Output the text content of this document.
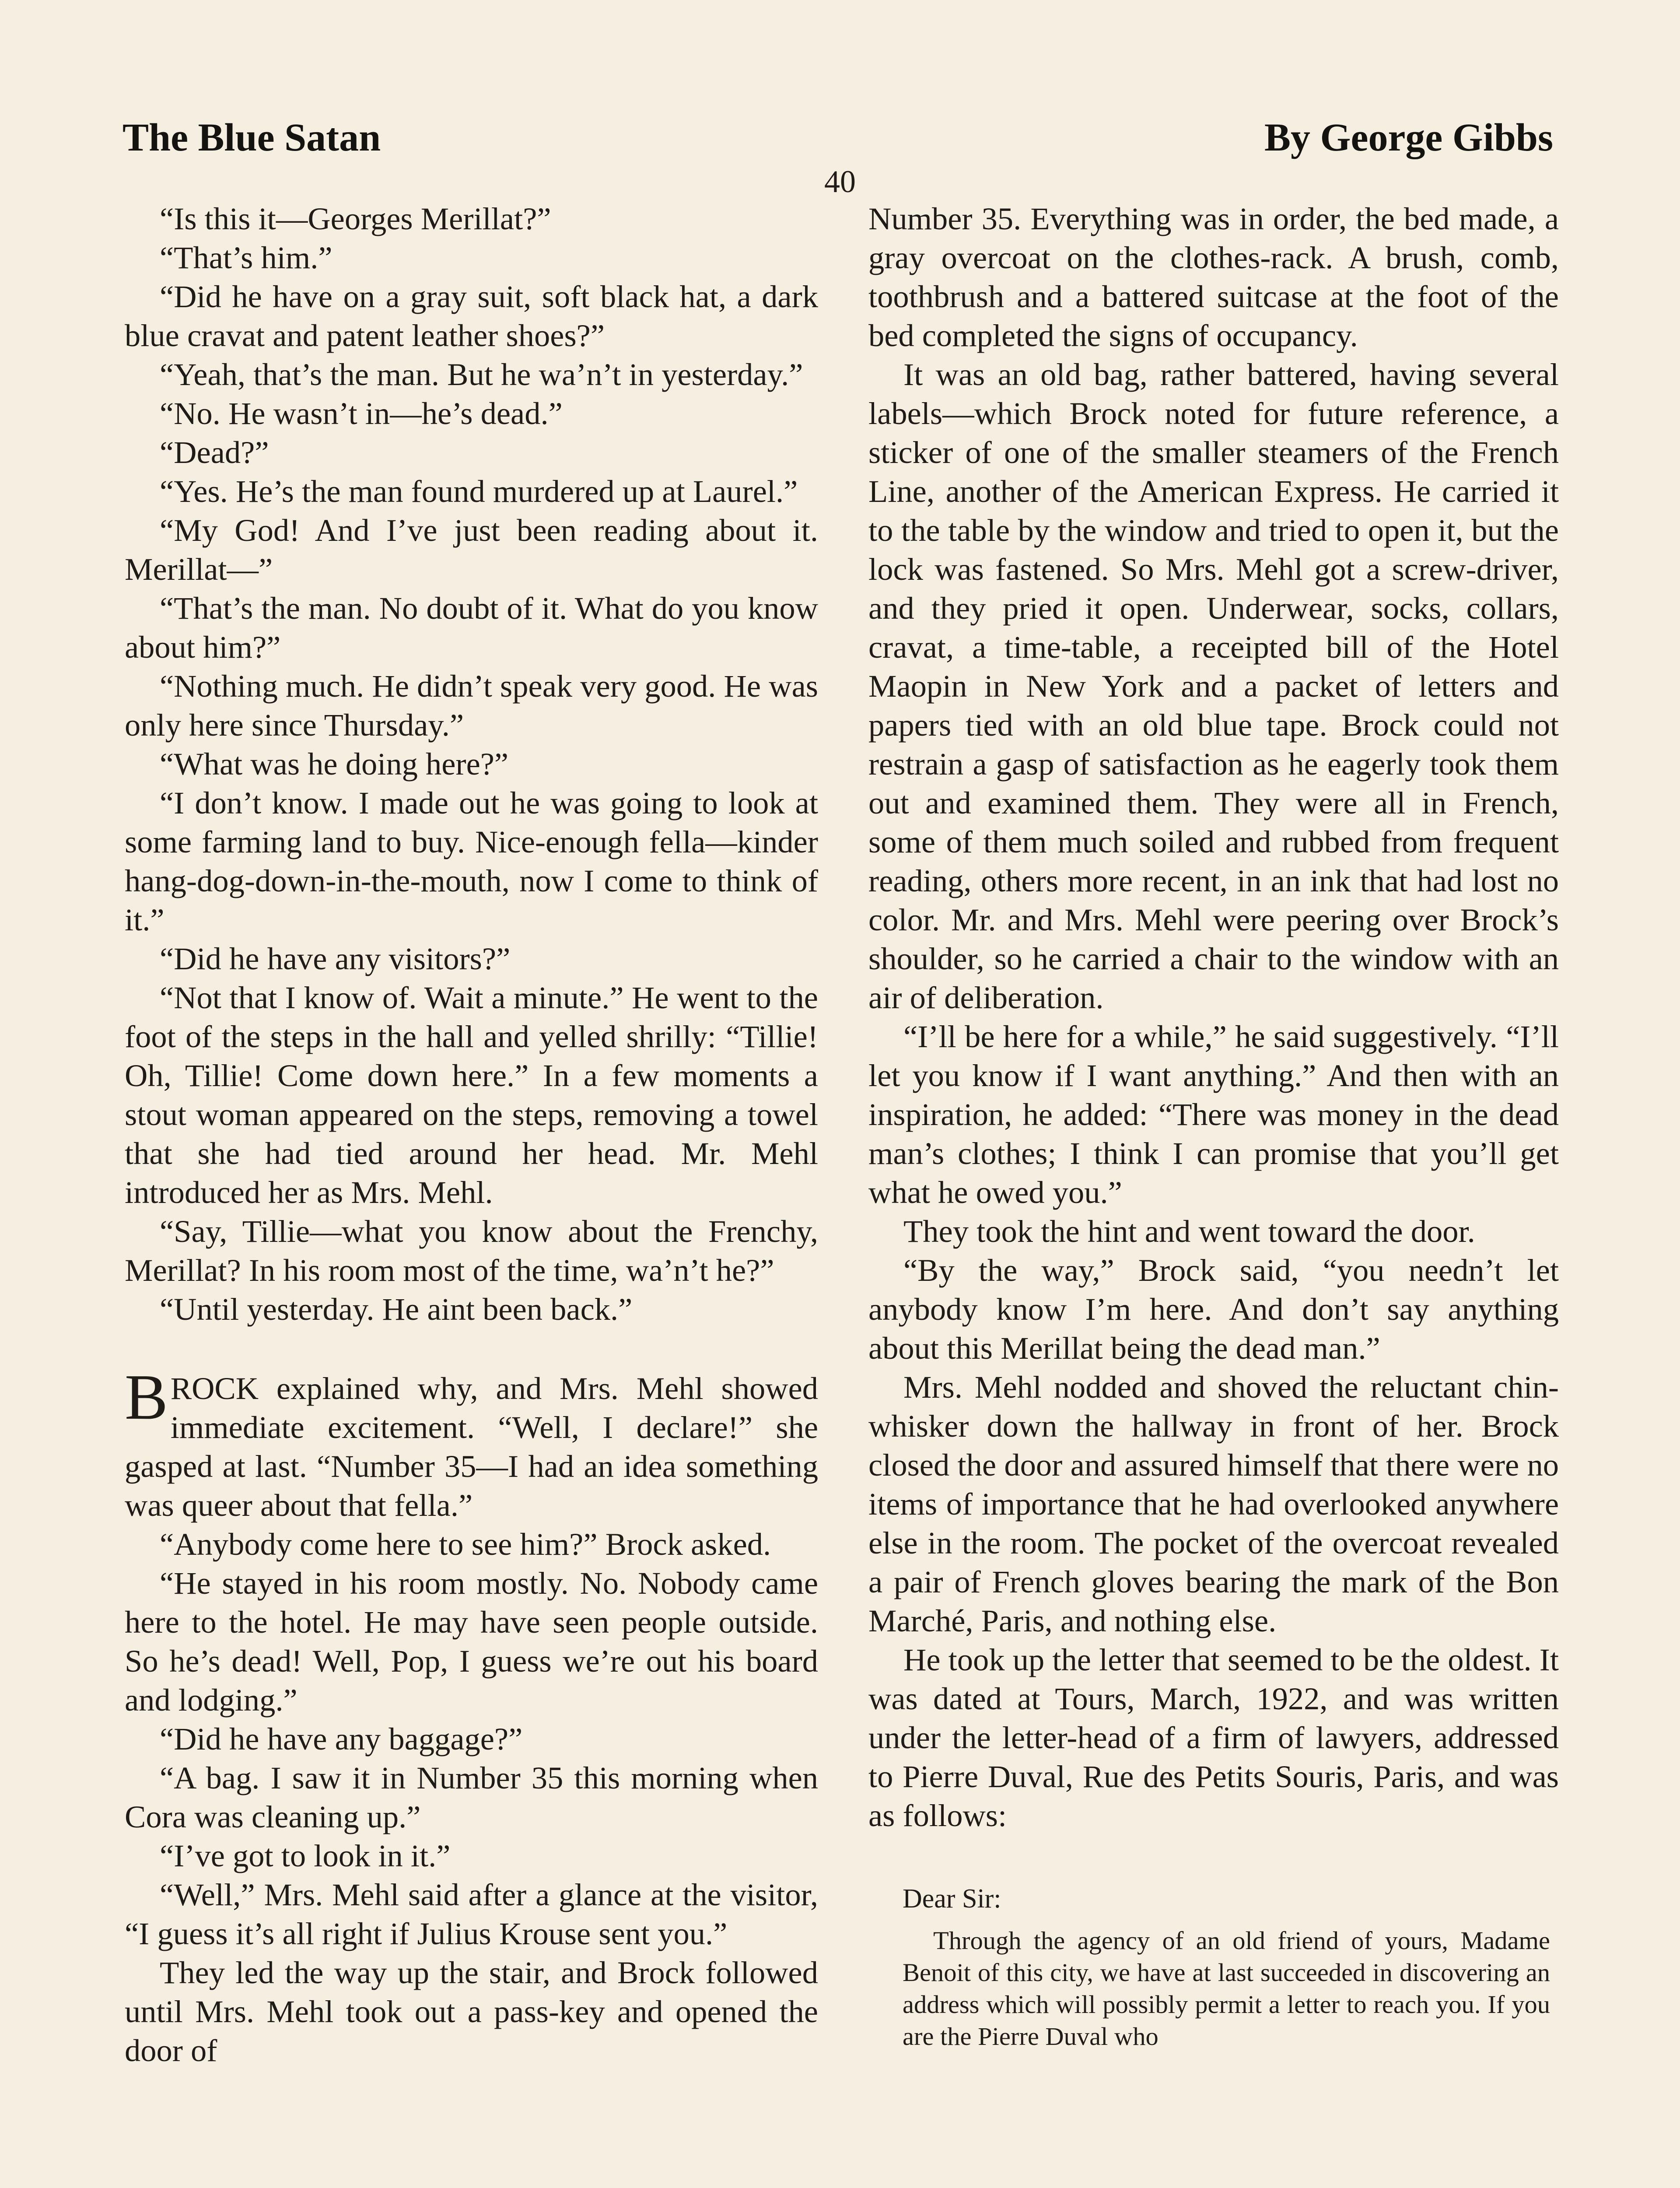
The Blue Satan	By George Gibbs
40

“Is this it—Georges Merillat?”

“That’s him.”

“Did he have on a gray suit, soft black hat, a dark blue cravat and patent leather shoes?”

“Yeah, that’s the man. But he wa’n’t in yesterday.”

“No. He wasn’t in—he’s dead.”

“Dead?”

“Yes. He’s the man found murdered up at Laurel.”

“My God! And I’ve just been reading about it. Merillat—”

“That’s the man. No doubt of it. What do you know about him?”

“Nothing much. He didn’t speak very good. He was only here since Thursday.”

“What was he doing here?”

“I don’t know. I made out he was going to look at some farming land to buy. Nice-enough fella—kinder hang-dog-down-in-the-mouth, now I come to think of it.”

“Did he have any visitors?”

“Not that I know of. Wait a minute.” He went to the foot of the steps in the hall and yelled shrilly: “Tillie! Oh, Tillie! Come down here.” In a few moments a stout woman appeared on the steps, removing a towel that she had tied around her head. Mr. Mehl introduced her as Mrs. Mehl.

“Say, Tillie—what you know about the Frenchy, Merillat? In his room most of the time, wa’n’t he?”

“Until yesterday. He aint been back.”

BROCK explained why, and Mrs. Mehl showed immediate excitement. “Well, I declare!” she gasped at last. “Number 35—I had an idea something was queer about that fella.”

“Anybody come here to see him?” Brock asked.

“He stayed in his room mostly. No. Nobody came here to the hotel. He may have seen people outside. So he’s dead! Well, Pop, I guess we’re out his board and lodging.”

“Did he have any baggage?”

“A bag. I saw it in Number 35 this morning when Cora was cleaning up.”

“I’ve got to look in it.”

“Well,” Mrs. Mehl said after a glance at the visitor, “I guess it’s all right if Julius Krouse sent you.”

They led the way up the stair, and Brock followed until Mrs. Mehl took out a pass-key and opened the door of

Number 35. Everything was in order, the bed made, a gray overcoat on the clothes-rack. A brush, comb, toothbrush and a battered suitcase at the foot of the bed completed the signs of occupancy.

It was an old bag, rather battered, having several labels—which Brock noted for future reference, a sticker of one of the smaller steamers of the French Line, another of the American Express. He carried it to the table by the window and tried to open it, but the lock was fastened. So Mrs. Mehl got a screw-driver, and they pried it open. Underwear, socks, collars, cravat, a time-table, a receipted bill of the Hotel Maopin in New York and a packet of letters and papers tied with an old blue tape. Brock could not restrain a gasp of satisfaction as he eagerly took them out and examined them. They were all in French, some of them much soiled and rubbed from frequent reading, others more recent, in an ink that had lost no color. Mr. and Mrs. Mehl were peering over Brock’s shoulder, so he carried a chair to the window with an air of deliberation.

“I’ll be here for a while,” he said suggestively. “I’ll let you know if I want anything.” And then with an inspiration, he added: “There was money in the dead man’s clothes; I think I can promise that you’ll get what he owed you.”

They took the hint and went toward the door.

“By the way,” Brock said, “you needn’t let anybody know I’m here. And don’t say anything about this Merillat being the dead man.”

Mrs. Mehl nodded and shoved the reluctant chin-whisker down the hallway in front of her. Brock closed the door and assured himself that there were no items of importance that he had overlooked anywhere else in the room. The pocket of the overcoat revealed a pair of French gloves bearing the mark of the Bon Marché, Paris, and nothing else.

He took up the letter that seemed to be the oldest. It was dated at Tours, March, 1922, and was written under the letter-head of a firm of lawyers, addressed to Pierre Duval, Rue des Petits Souris, Paris, and was as follows:

Dear Sir:

Through the agency of an old friend of yours, Madame Benoit of this city, we have at last succeeded in discovering an address which will possibly permit a letter to reach you. If you are the Pierre Duval who
